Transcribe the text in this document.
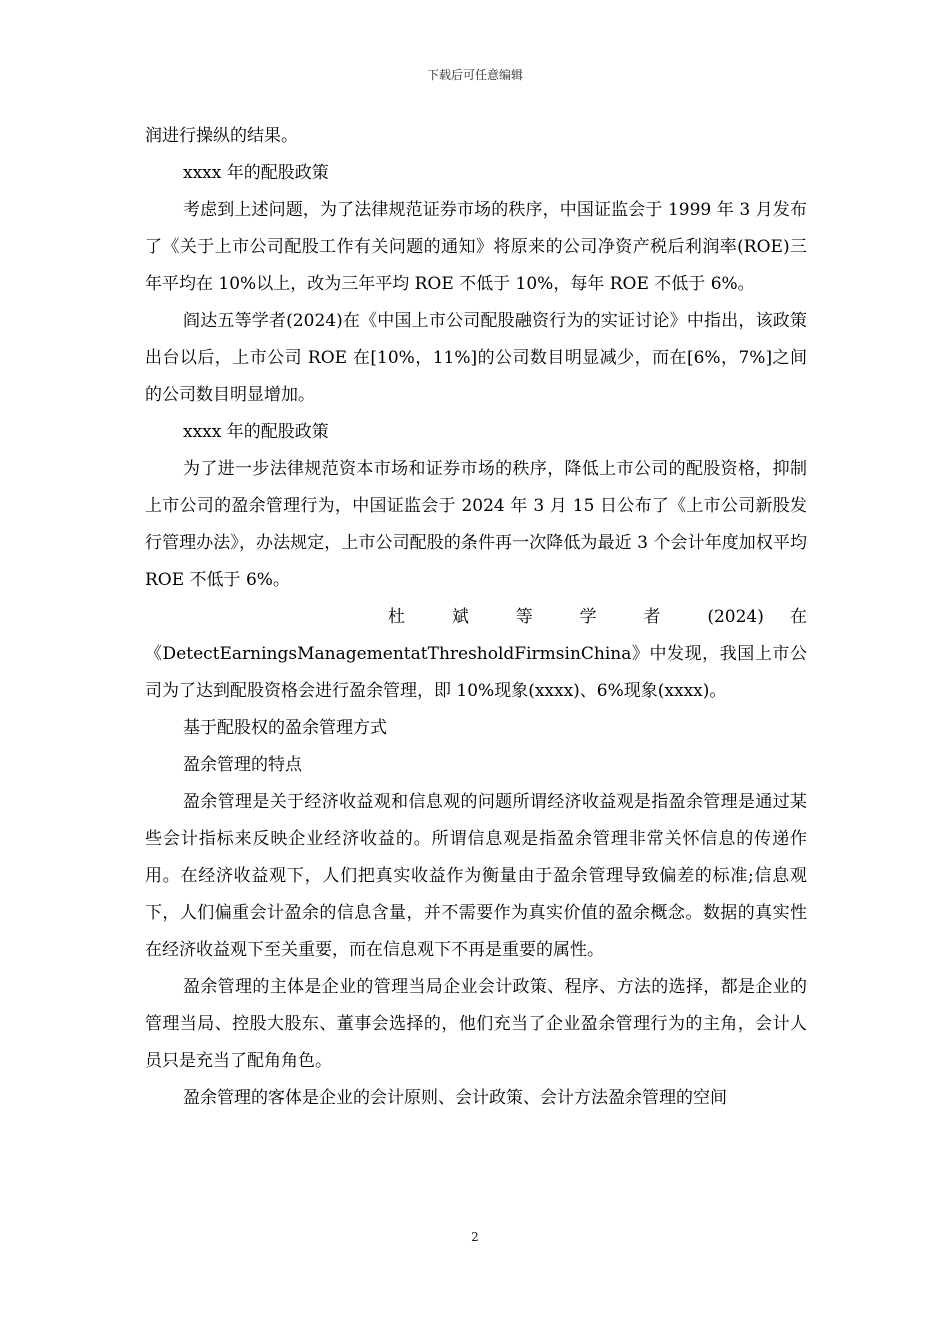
下载后可任意编辑

润进行操纵的结果。

xxxx 年的配股政策

考虑到上述问题，为了法律规范证券市场的秩序，中国证监会于 1999 年 3 月发布了《关于上市公司配股工作有关问题的通知》将原来的公司净资产税后利润率(ROE)三年平均在 10%以上，改为三年平均 ROE 不低于 10%，每年 ROE 不低于 6%。

阎达五等学者(2024)在《中国上市公司配股融资行为的实证讨论》中指出，该政策出台以后，上市公司 ROE 在[10%，11%]的公司数目明显减少，而在[6%，7%]之间的公司数目明显增加。

xxxx 年的配股政策

为了进一步法律规范资本市场和证券市场的秩序，降低上市公司的配股资格，抑制上市公司的盈余管理行为，中国证监会于 2024 年 3 月 15 日公布了《上市公司新股发行管理办法》，办法规定，上市公司配股的条件再一次降低为最近 3 个会计年度加权平均 ROE 不低于 6%。

杜 斌 等 学 者 (2024) 在

《DetectEarningsManagementatThresholdFirmsinChina》中发现，我国上市公司为了达到配股资格会进行盈余管理，即 10%现象(xxxx)、6%现象(xxxx)。

基于配股权的盈余管理方式

盈余管理的特点

盈余管理是关于经济收益观和信息观的问题所谓经济收益观是指盈余管理是通过某些会计指标来反映企业经济收益的。所谓信息观是指盈余管理非常关怀信息的传递作用。在经济收益观下，人们把真实收益作为衡量由于盈余管理导致偏差的标准;信息观下，人们偏重会计盈余的信息含量，并不需要作为真实价值的盈余概念。数据的真实性在经济收益观下至关重要，而在信息观下不再是重要的属性。

盈余管理的主体是企业的管理当局企业会计政策、程序、方法的选择，都是企业的管理当局、控股大股东、董事会选择的，他们充当了企业盈余管理行为的主角，会计人员只是充当了配角角色。

盈余管理的客体是企业的会计原则、会计政策、会计方法盈余管理的空间

2
